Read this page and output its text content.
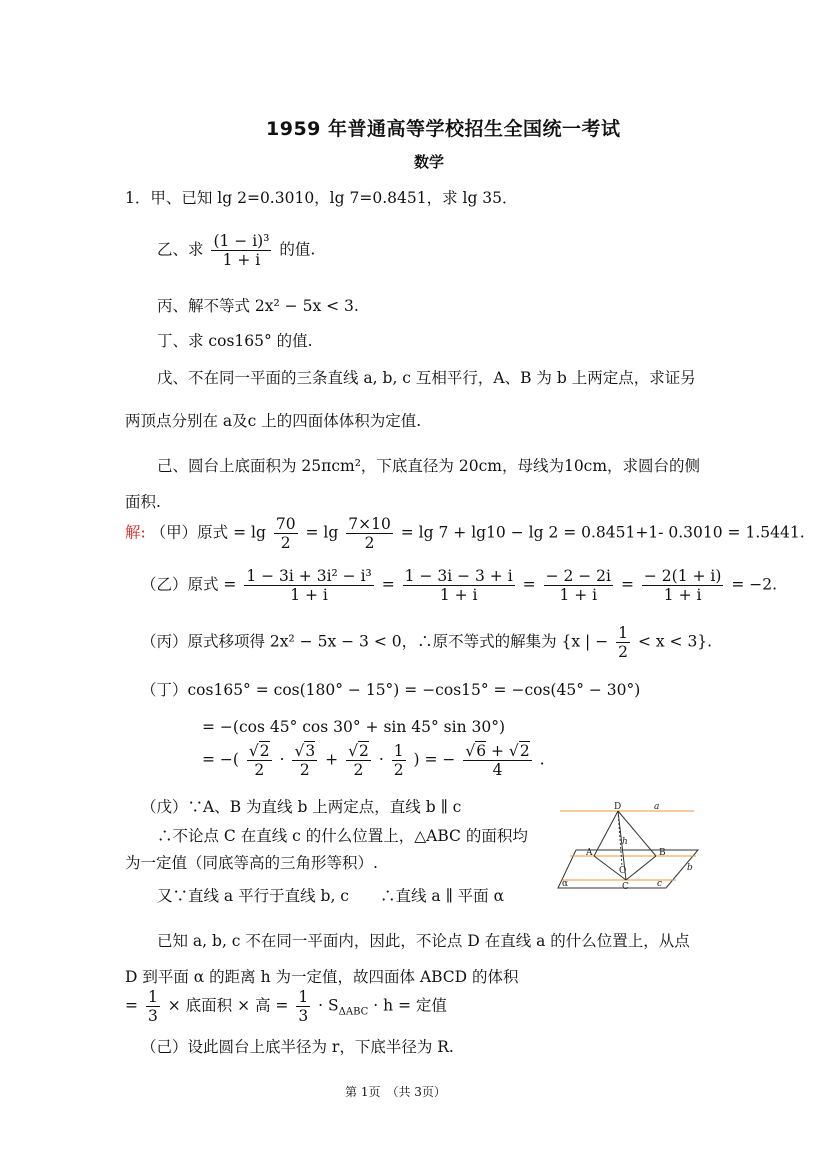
1959 年普通高等学校招生全国统一考试
数学
1．甲、已知 lg 2=0.3010，lg 7=0.8451，求 lg 35．
乙、求 $\frac{\text{(1 − i)³}}{1 + i}$ 的值.
丙、解不等式 2x² − 5x < 3.
丁、求 cos165° 的值.
戊、不在同一平面的三条直线 a, b, c 互相平行，A、B 为 b 上两定点，求证另
两顶点分别在 a及c 上的四面体体积为定值.
己、圆台上底面积为 25πcm²，下底直径为 20cm，母线为10cm，求圆台的侧
面积.
解: （甲）原式 = $\lg \frac{70}{2} = \lg \frac{7\times 10}{2} = \lg 7 + \lg 10 - \lg 2 = 0.8451+1-$ 0.3010 = 1.5441.
（乙）原式 = $\frac{\text{1 − 3i + 3i² − i³}}{1 + i} = \frac{1 - 3i - 3 + i}{1 + i} = \frac{- 2 - 2i}{1 + i} = \frac{- 2(1 + i)}{1 + i} = -2$.
（丙）原式移项得 2x² − 5x − 3 < 0，∴原不等式的解集为 {x | − $\frac{1}{2} < x < 3$}.
（丁）cos165° = cos(180° − 15°) = −cos15° = −cos(45° − 30°)
= −(cos 45° cos 30° + sin 45° sin 30°)
= −( $\frac{√2}{2} \cdot \frac{√3}{2} + \frac{√2}{2} \cdot \frac{1}{2}$ ) = − $\frac{√6 + √2}{4}$ .
（戊）∵A、B 为直线 b 上两定点，直线 b ∥ c
∴不论点 C 在直线 c 的什么位置上，△ABC 的面积均
为一定值（同底等高的三角形等积）.
又∵直线 a 平行于直线 b, c　　∴直线 a ∥ 平面 α
已知 a, b, c 不在同一平面内，因此，不论点 D 在直线 a 的什么位置上，从点
D 到平面 α 的距离 h 为一定值，故四面体 ABCD 的体积
= $\frac{1}{3}$ × 底面积 × 高 = $\frac{1}{3} \cdot S_{\Delta ABC} \cdot h$ = 定值
（己）设此圆台上底半径为 r，下底半径为 R.
D	a
A
h
B
O	b
α	C	c
第 1页　（共 3页）
